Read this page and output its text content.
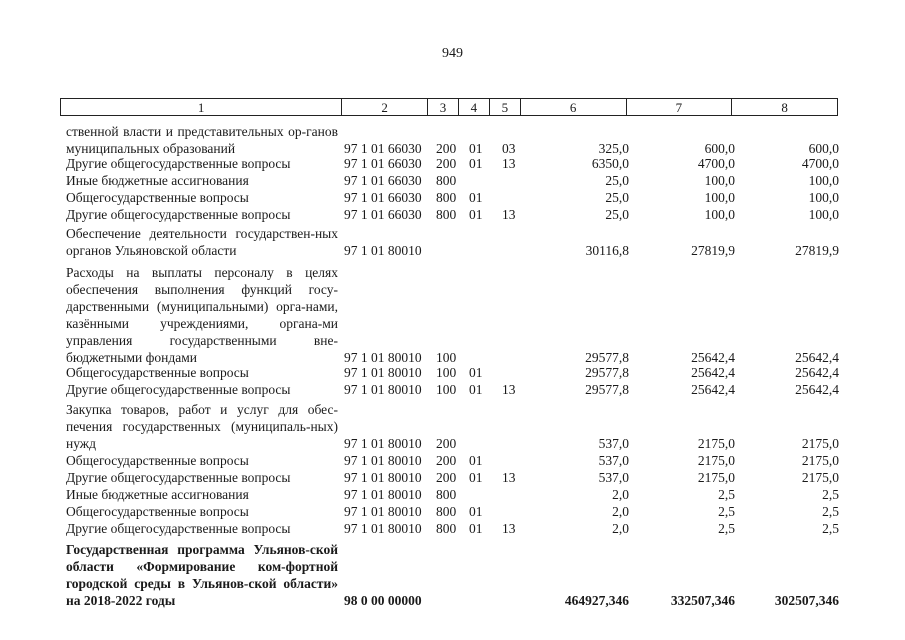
949
1	2	3	4	5	6	7	8
ственной власти и представительных ор-ганов муниципальных образований	97 1 01 66030 200 01 03	325,0	600,0	600,0
Другие общегосударственные вопросы	97 1 01 66030 200 01 13	6350,0	4700,0	4700,0
Иные бюджетные ассигнования	97 1 01 66030 800	25,0	100,0	100,0
Общегосударственные вопросы	97 1 01 66030 800 01	25,0	100,0	100,0
Другие общегосударственные вопросы	97 1 01 66030 800 01 13	25,0	100,0	100,0
Обеспечение деятельности государствен-ных органов Ульяновской области	97 1 01 80010	30116,8	27819,9	27819,9
Расходы на выплаты персоналу в целях обеспечения выполнения функций госу-дарственными (муниципальными) орга-нами, казёнными учреждениями, органа-ми управления государственными вне-бюджетными фондами	97 1 01 80010 100	29577,8	25642,4	25642,4
Общегосударственные вопросы	97 1 01 80010 100 01	29577,8	25642,4	25642,4
Другие общегосударственные вопросы	97 1 01 80010 100 01 13	29577,8	25642,4	25642,4
Закупка товаров, работ и услуг для обес-печения государственных (муниципаль-ных) нужд	97 1 01 80010 200	537,0	2175,0	2175,0
Общегосударственные вопросы	97 1 01 80010 200 01	537,0	2175,0	2175,0
Другие общегосударственные вопросы	97 1 01 80010 200 01 13	537,0	2175,0	2175,0
Иные бюджетные ассигнования	97 1 01 80010 800	2,0	2,5	2,5
Общегосударственные вопросы	97 1 01 80010 800 01	2,0	2,5	2,5
Другие общегосударственные вопросы	97 1 01 80010 800 01 13	2,0	2,5	2,5
Государственная программа Ульянов-ской области «Формирование ком-фортной городской среды в Ульянов-ской области» на 2018-2022 годы	98 0 00 00000	464927,346	332507,346	302507,346
